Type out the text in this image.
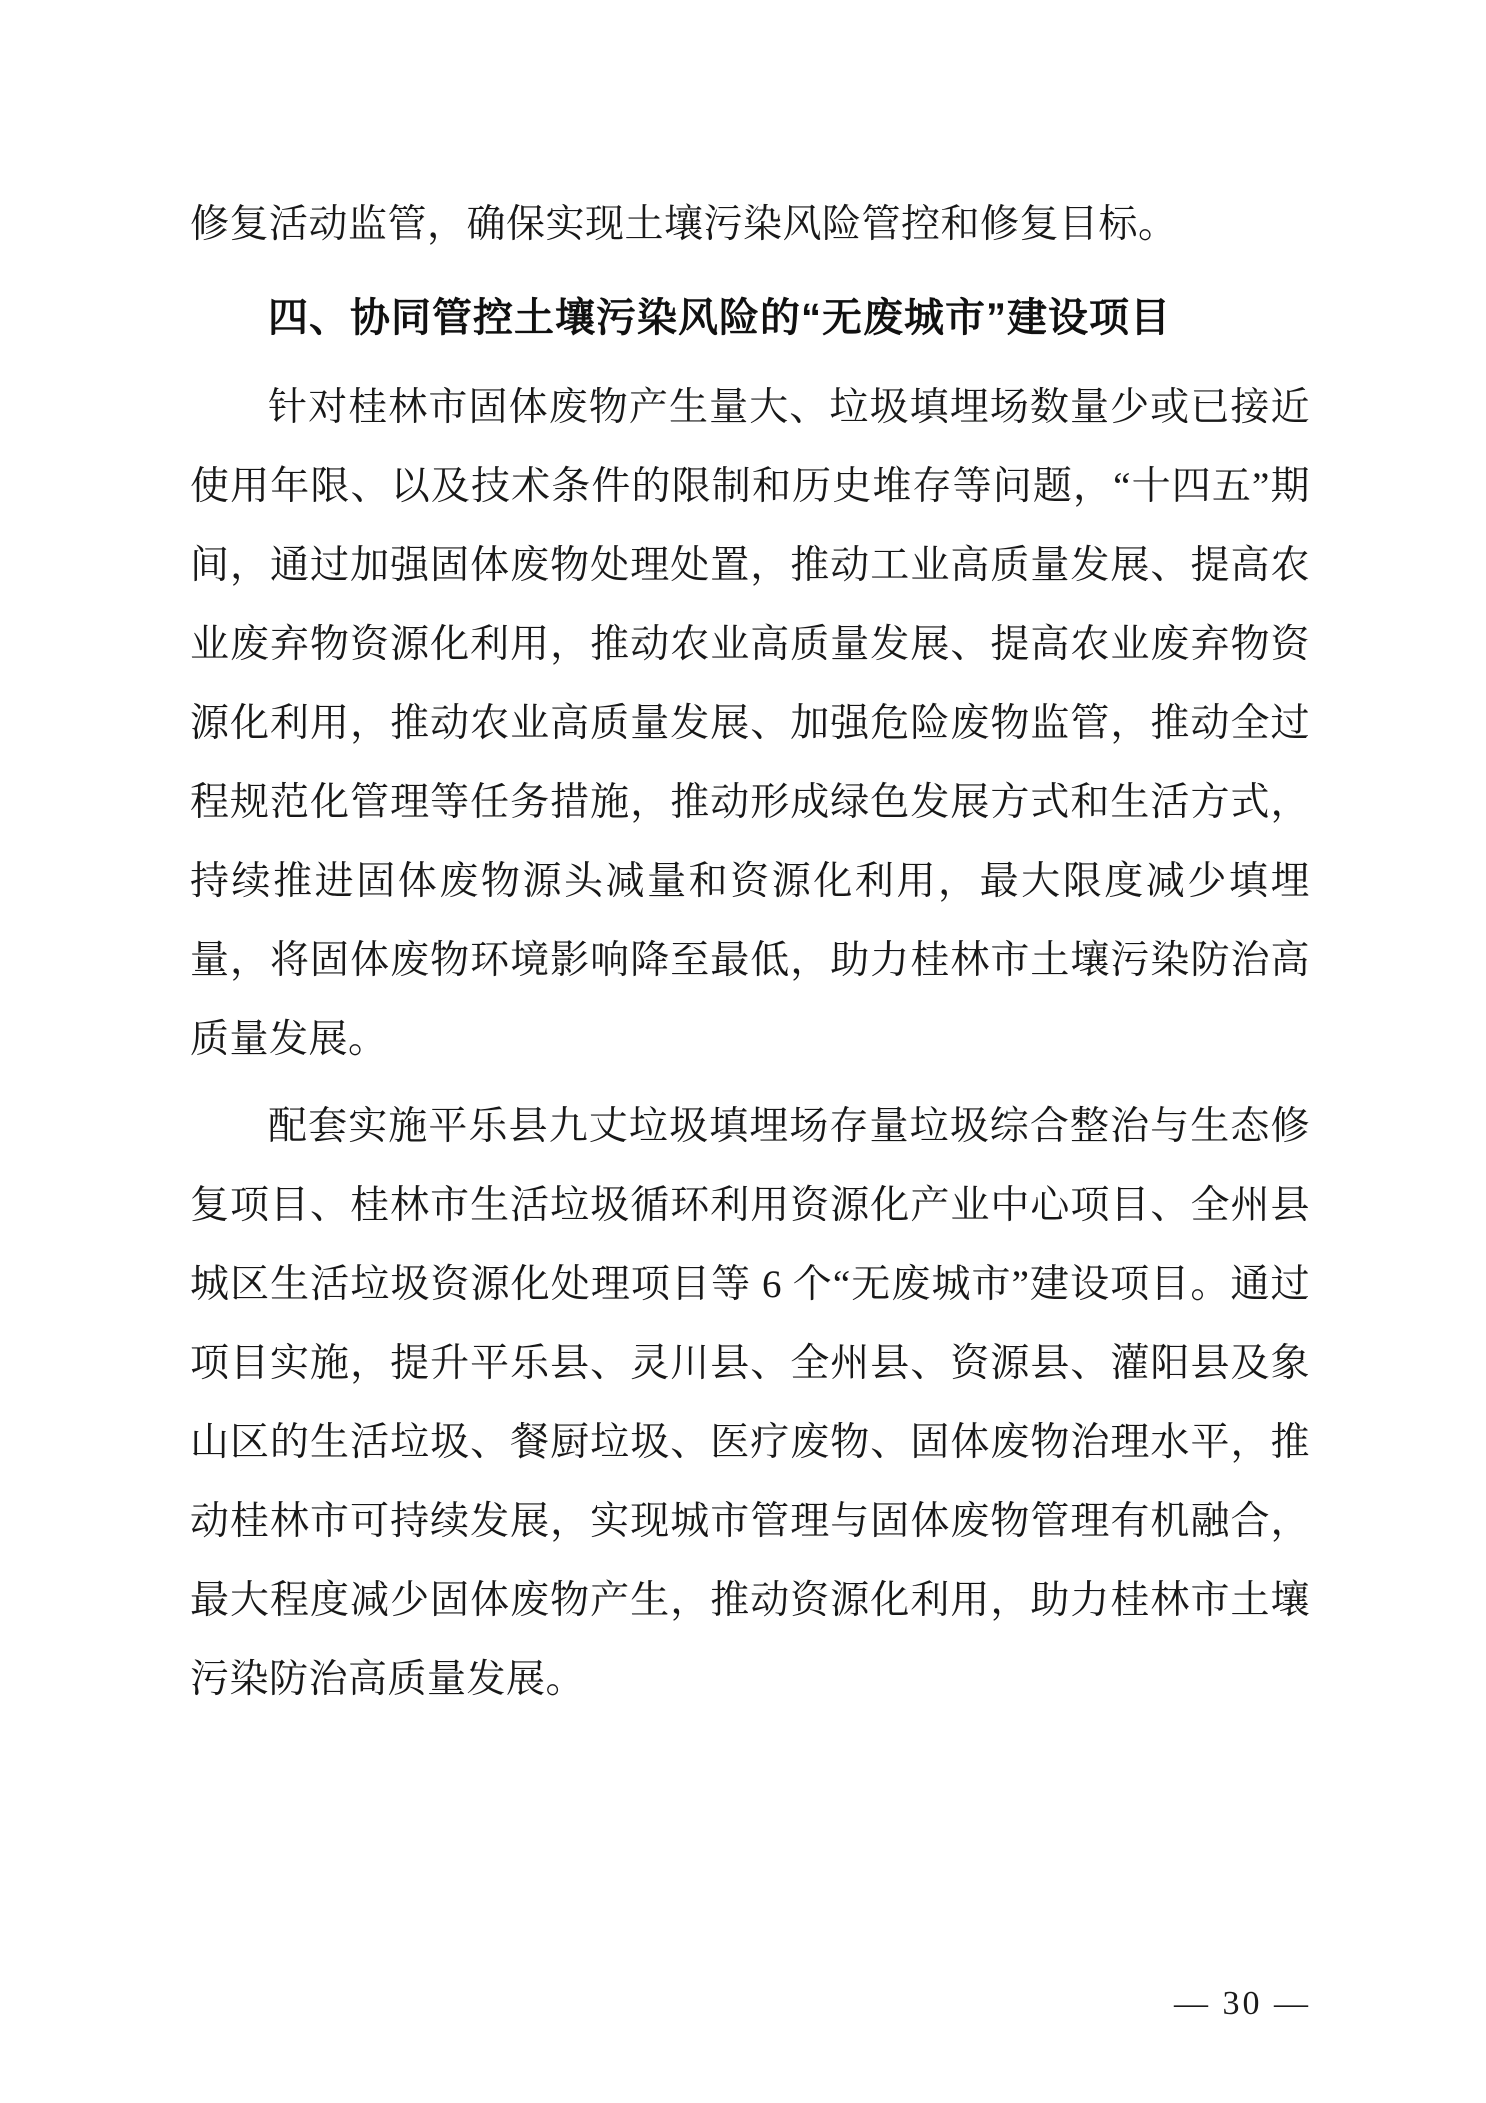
修复活动监管，确保实现土壤污染风险管控和修复目标。

四、协同管控土壤污染风险的“无废城市”建设项目

针对桂林市固体废物产生量大、垃圾填埋场数量少或已接近使用年限、以及技术条件的限制和历史堆存等问题，“十四五”期间，通过加强固体废物处理处置，推动工业高质量发展、提高农业废弃物资源化利用，推动农业高质量发展、提高农业废弃物资源化利用，推动农业高质量发展、加强危险废物监管，推动全过程规范化管理等任务措施，推动形成绿色发展方式和生活方式，持续推进固体废物源头减量和资源化利用，最大限度减少填埋量，将固体废物环境影响降至最低，助力桂林市土壤污染防治高质量发展。

配套实施平乐县九丈垃圾填埋场存量垃圾综合整治与生态修复项目、桂林市生活垃圾循环利用资源化产业中心项目、全州县城区生活垃圾资源化处理项目等 6 个“无废城市”建设项目。通过项目实施，提升平乐县、灵川县、全州县、资源县、灌阳县及象山区的生活垃圾、餐厨垃圾、医疗废物、固体废物治理水平，推动桂林市可持续发展，实现城市管理与固体废物管理有机融合，最大程度减少固体废物产生，推动资源化利用，助力桂林市土壤污染防治高质量发展。

— 30 —
